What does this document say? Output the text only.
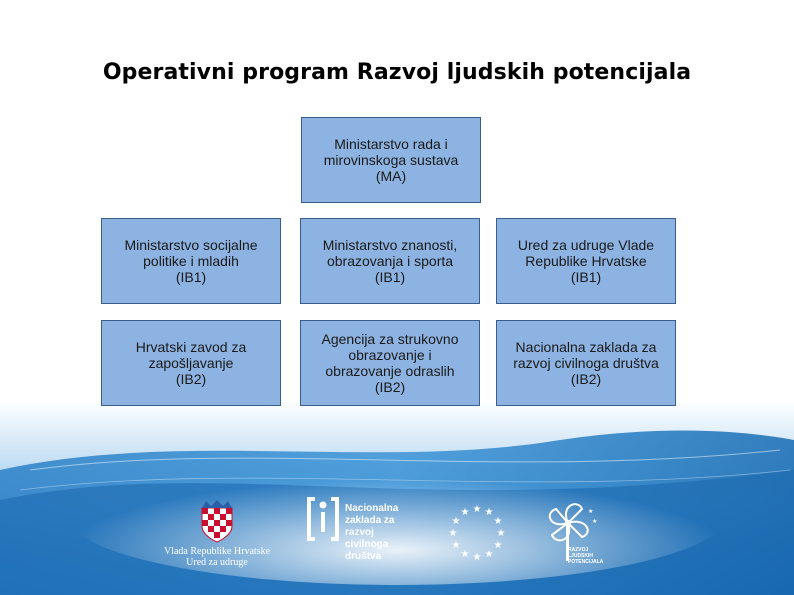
Operativni program Razvoj ljudskih potencijala
Ministarstvo rada i
mirovinskoga sustava
(MA)
Ministarstvo socijalne
politike i mladih
(IB1)
Ministarstvo znanosti,
obrazovanja i sporta
(IB1)
Ured za udruge Vlade
Republike Hrvatske
(IB1)
Hrvatski zavod za
zapošljavanje
(IB2)
Agencija za strukovno
obrazovanje i
obrazovanje odraslih
(IB2)
Nacionalna zaklada za
razvoj civilnoga društva
(IB2)
Vlada Republike Hrvatske
Ured za udruge
Nacionalna
zaklada za
razvoj
civilnoga
društva
★ ★
★
★
★
★
★
★
★
★
★
★	★
★
RAZVOJ
LJUDSKIH
POTENCIJALA
